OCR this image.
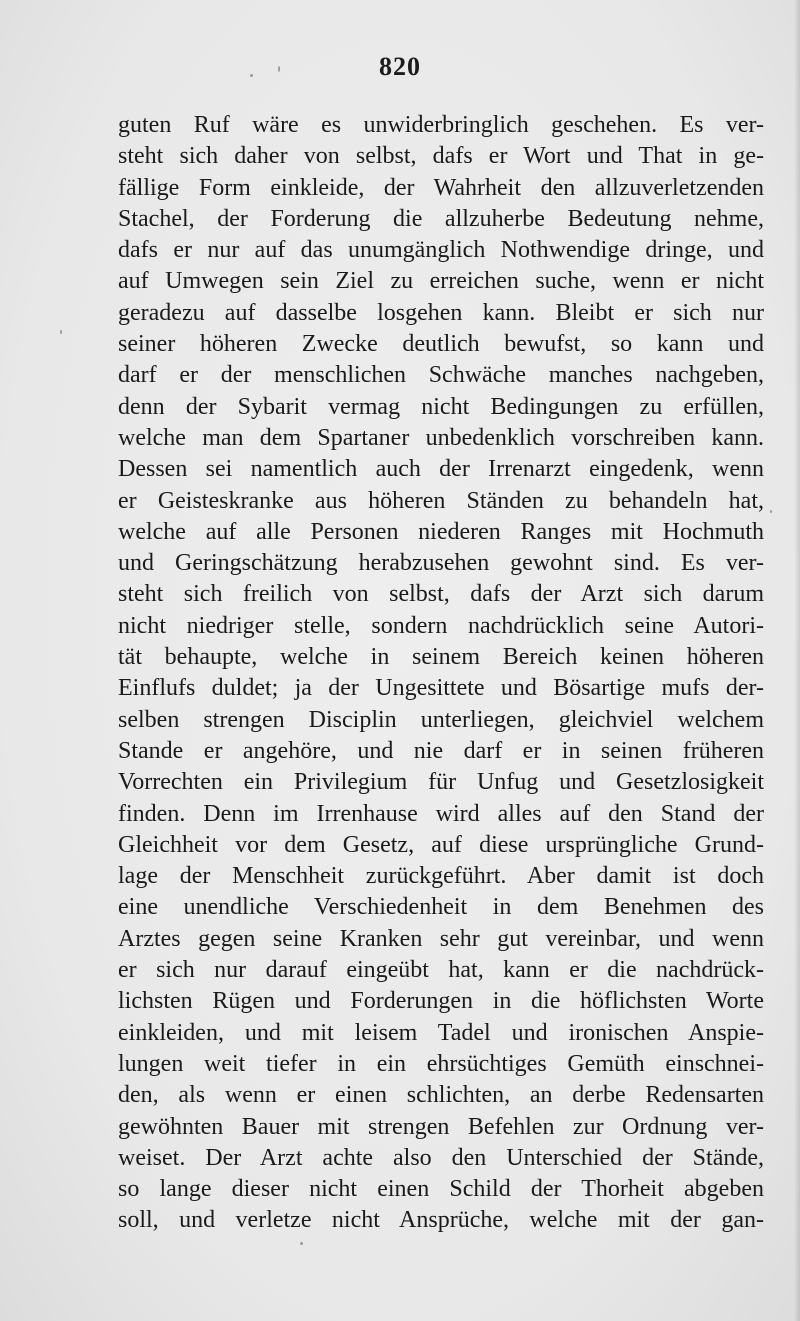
820
guten Ruf wäre es unwiderbringlich geschehen. Es ver-
steht sich daher von selbst, dafs er Wort und That in ge-
fällige Form einkleide, der Wahrheit den allzuverletzenden
Stachel, der Forderung die allzuherbe Bedeutung nehme,
dafs er nur auf das unumgänglich Nothwendige dringe, und
auf Umwegen sein Ziel zu erreichen suche, wenn er nicht
geradezu auf dasselbe losgehen kann. Bleibt er sich nur
seiner höheren Zwecke deutlich bewufst, so kann und
darf er der menschlichen Schwäche manches nachgeben,
denn der Sybarit vermag nicht Bedingungen zu erfüllen,
welche man dem Spartaner unbedenklich vorschreiben kann.
Dessen sei namentlich auch der Irrenarzt eingedenk, wenn
er Geisteskranke aus höheren Ständen zu behandeln hat,
welche auf alle Personen niederen Ranges mit Hochmuth
und Geringschätzung herabzusehen gewohnt sind. Es ver-
steht sich freilich von selbst, dafs der Arzt sich darum
nicht niedriger stelle, sondern nachdrücklich seine Autori-
tät behaupte, welche in seinem Bereich keinen höheren
Einflufs duldet; ja der Ungesittete und Bösartige mufs der-
selben strengen Disciplin unterliegen, gleichviel welchem
Stande er angehöre, und nie darf er in seinen früheren
Vorrechten ein Privilegium für Unfug und Gesetzlosigkeit
finden. Denn im Irrenhause wird alles auf den Stand der
Gleichheit vor dem Gesetz, auf diese ursprüngliche Grund-
lage der Menschheit zurückgeführt. Aber damit ist doch
eine unendliche Verschiedenheit in dem Benehmen des
Arztes gegen seine Kranken sehr gut vereinbar, und wenn
er sich nur darauf eingeübt hat, kann er die nachdrück-
lichsten Rügen und Forderungen in die höflichsten Worte
einkleiden, und mit leisem Tadel und ironischen Anspie-
lungen weit tiefer in ein ehrsüchtiges Gemüth einschnei-
den, als wenn er einen schlichten, an derbe Redensarten
gewöhnten Bauer mit strengen Befehlen zur Ordnung ver-
weiset. Der Arzt achte also den Unterschied der Stände,
so lange dieser nicht einen Schild der Thorheit abgeben
soll, und verletze nicht Ansprüche, welche mit der gan-
